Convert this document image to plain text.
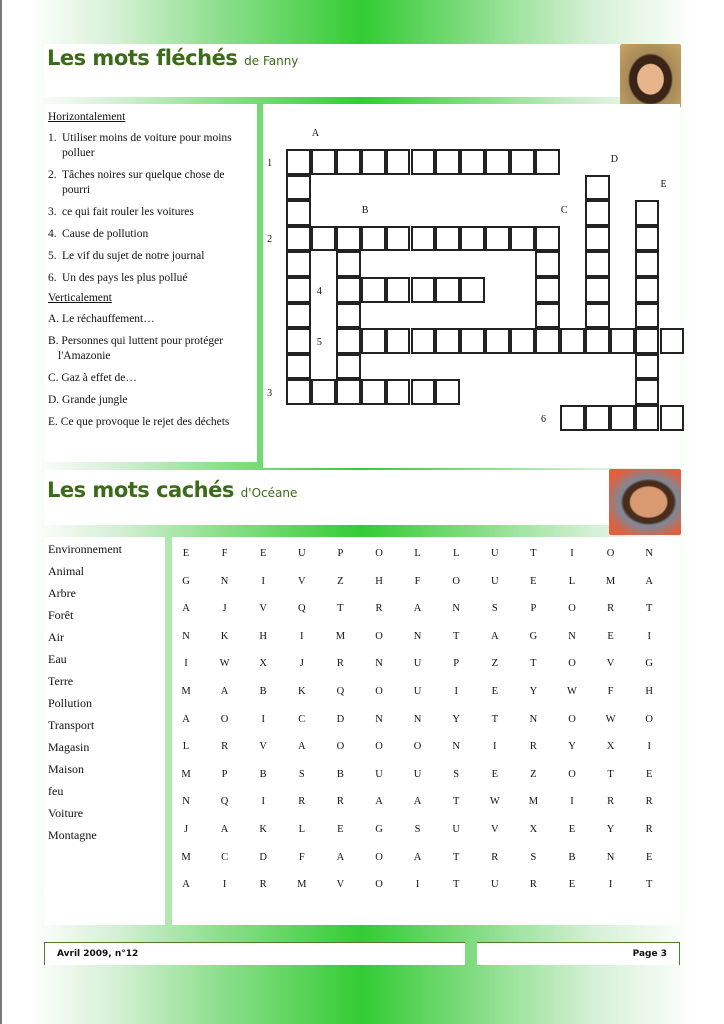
Les mots fléchés de Fanny
Horizontalement
1. Utiliser moins de voiture pour moins polluer
2. Tâches noires sur quelque chose de pourri
3. ce qui fait rouler les voitures
4. Cause de pollution
5. Le vif du sujet de notre journal
6. Un des pays les plus pollué
Verticalement
A. Le réchauffement…
B. Personnes qui luttent pour protéger l'Amazonie
C. Gaz à effet de…
D. Grande jungle
E. Ce que provoque le rejet des déchets
A
B	C
D
E
1
2
3
4
5
6
Les mots cachés d'Océane
Environnement
Animal
Arbre
Forêt
Air
Eau
Terre
Pollution
Transport
Magasin
Maison
feu
Voiture
Montagne
E	F	E	U	P	O	L	L	U	T	I	O	N
G	N	I	V	Z	H	F	O	U	E	L	M	A
A	J	V	Q	T	R	A	N	S	P	O	R	T
N	K	H	I	M	O	N	T	A	G	N	E	I
I	W	X	J	R	N	U	P	Z	T	O	V	G
M	A	B	K	Q	O	U	I	E	Y	W	F	H
A	O	I	C	D	N	N	Y	T	N	O	W	O
L	R	V	A	O	O	O	N	I	R	Y	X	I
M	P	B	S	B	U	U	S	E	Z	O	T	E
N	Q	I	R	R	A	A	T	W	M	I	R	R
J	A	K	L	E	G	S	U	V	X	E	Y	R
M	C	D	F	A	O	A	T	R	S	B	N	E
A	I	R	M	V	O	I	T	U	R	E	I	T
Avril 2009, n°12	Page 3
